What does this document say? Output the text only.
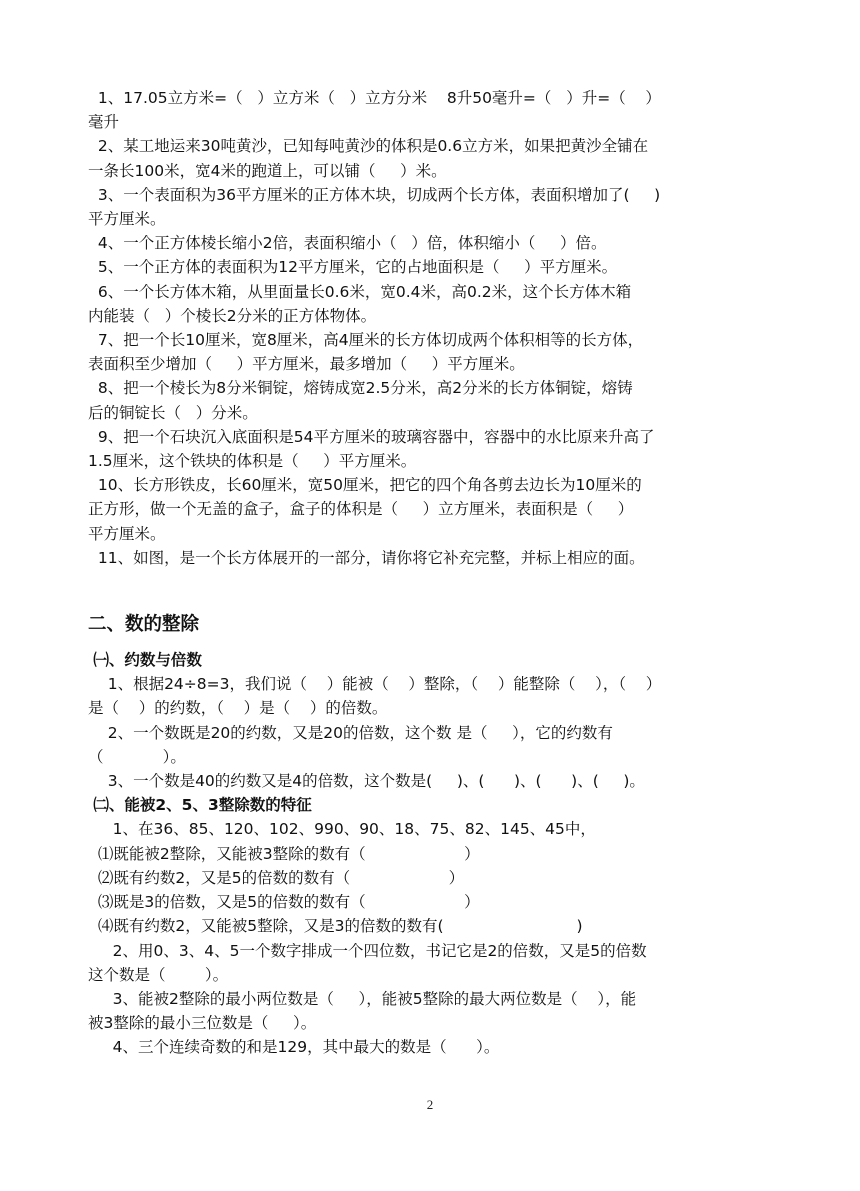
1、17.05立方米=（   ）立方米（   ）立方分米    8升50毫升=（   ）升=（    ）
毫升
2、某工地运来30吨黄沙，已知每吨黄沙的体积是0.6立方米，如果把黄沙全铺在
一条长100米，宽4米的跑道上，可以铺（     ）米。
3、一个表面积为36平方厘米的正方体木块，切成两个长方体，表面积增加了(     )
平方厘米。
4、一个正方体棱长缩小2倍，表面积缩小（   ）倍，体积缩小（     ）倍。
5、一个正方体的表面积为12平方厘米，它的占地面积是（     ）平方厘米。
6、一个长方体木箱，从里面量长0.6米，宽0.4米，高0.2米，这个长方体木箱
内能装（   ）个棱长2分米的正方体物体。
7、把一个长10厘米，宽8厘米，高4厘米的长方体切成两个体积相等的长方体，
表面积至少增加（     ）平方厘米，最多增加（     ）平方厘米。
8、把一个棱长为8分米铜锭，熔铸成宽2.5分米，高2分米的长方体铜锭，熔铸
后的铜锭长（   ）分米。
9、把一个石块沉入底面积是54平方厘米的玻璃容器中，容器中的水比原来升高了
1.5厘米，这个铁块的体积是（     ）平方厘米。
10、长方形铁皮，长60厘米，宽50厘米，把它的四个角各剪去边长为10厘米的
正方形，做一个无盖的盒子，盒子的体积是（     ）立方厘米，表面积是（     ）
平方厘米。
11、如图，是一个长方体展开的一部分，请你将它补充完整，并标上相应的面。
二、数的整除
㈠、约数与倍数
1、根据24÷8=3，我们说（    ）能被（    ）整除，（    ）能整除（    ），（    ）
是（    ）的约数，（    ）是（    ）的倍数。
2、一个数既是20的约数，又是20的倍数，这个数 是（     ），它的约数有
（            ）。
3、一个数是40的约数又是4的倍数，这个数是(     )、(      )、(      )、(     )。
㈡、能被2、5、3整除数的特征
1、在36、85、120、102、990、90、18、75、82、145、45中，
⑴既能被2整除，又能被3整除的数有（                    ）
⑵既有约数2，又是5的倍数的数有（                    ）
⑶既是3的倍数，又是5的倍数的数有（                    ）
⑷既有约数2，又能被5整除，又是3的倍数的数有(                           )
2、用0、3、4、5一个数字排成一个四位数，书记它是2的倍数，又是5的倍数
这个数是（        ）。
3、能被2整除的最小两位数是（     ），能被5整除的最大两位数是（    ），能
被3整除的最小三位数是（     ）。
4、三个连续奇数的和是129，其中最大的数是（      ）。
2
